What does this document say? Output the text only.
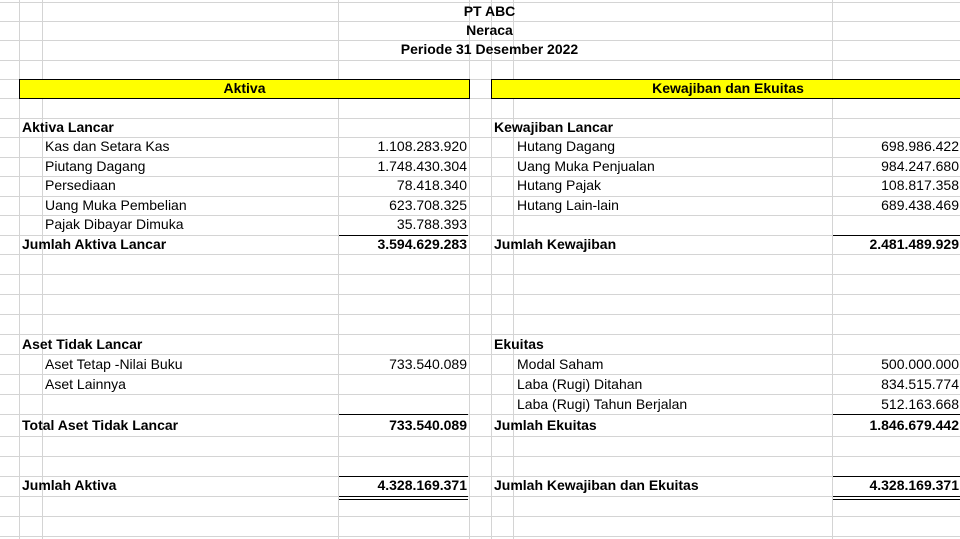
PT ABC
Neraca
Periode 31 Desember 2022
Aktiva	Kewajiban dan Ekuitas
Aktiva Lancar
Kas dan Setara Kas	1.108.283.920
Piutang Dagang	1.748.430.304
Persediaan	78.418.340
Uang Muka Pembelian	623.708.325
Pajak Dibayar Dimuka	35.788.393
Jumlah Aktiva Lancar	3.594.629.283
Aset Tidak Lancar
Aset Tetap -Nilai Buku	733.540.089
Aset Lainnya
Total Aset Tidak Lancar	733.540.089
Jumlah Aktiva	4.328.169.371
Kewajiban Lancar
Hutang Dagang	698.986.422
Uang Muka Penjualan	984.247.680
Hutang Pajak	108.817.358
Hutang Lain-lain	689.438.469
Jumlah Kewajiban	2.481.489.929
Ekuitas
Modal Saham	500.000.000
Laba (Rugi) Ditahan	834.515.774
Laba (Rugi) Tahun Berjalan	512.163.668
Jumlah Ekuitas	1.846.679.442
Jumlah Kewajiban dan Ekuitas	4.328.169.371
